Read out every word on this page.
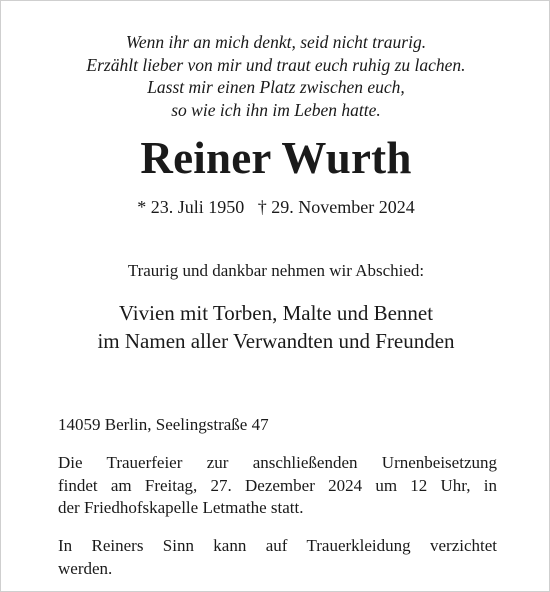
Wenn ihr an mich denkt, seid nicht traurig.
Erzählt lieber von mir und traut euch ruhig zu lachen.
Lasst mir einen Platz zwischen euch,
so wie ich ihn im Leben hatte.
Reiner Wurth
* 23. Juli 1950 † 29. November 2024
Traurig und dankbar nehmen wir Abschied:
Vivien mit Torben, Malte und Bennet
im Namen aller Verwandten und Freunden
14059 Berlin, Seelingstraße 47
Die Trauerfeier zur anschließenden Urnenbeisetzung
findet am Freitag, 27. Dezember 2024 um 12 Uhr, in
der Friedhofskapelle Letmathe statt.
In Reiners Sinn kann auf Trauerkleidung verzichtet
werden.
